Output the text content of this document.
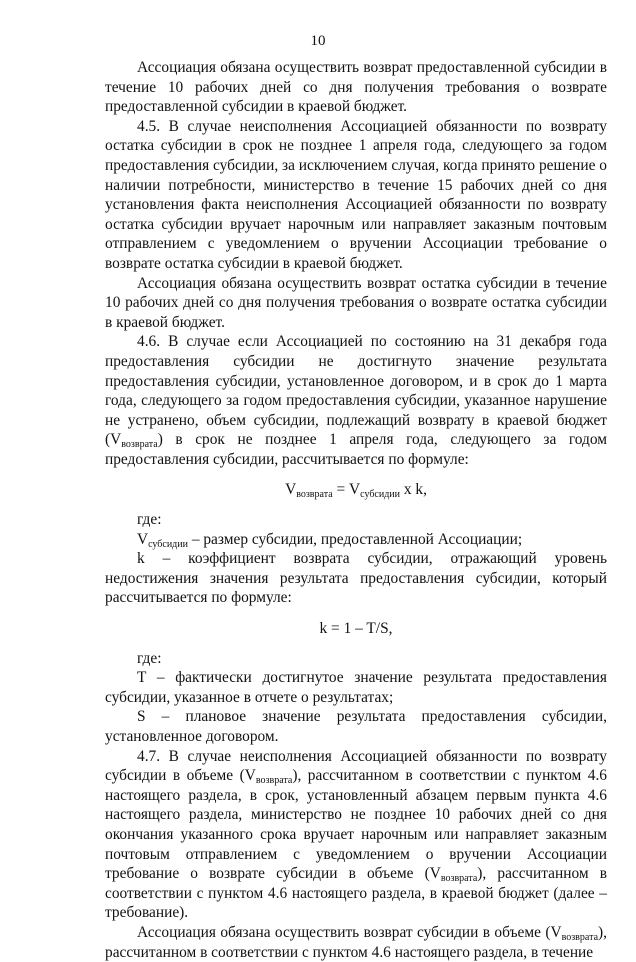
10

Ассоциация обязана осуществить возврат предоставленной субсидии в течение 10 рабочих дней со дня получения требования о возврате предоставленной субсидии в краевой бюджет.

4.5. В случае неисполнения Ассоциацией обязанности по возврату остатка субсидии в срок не позднее 1 апреля года, следующего за годом предоставления субсидии, за исключением случая, когда принято решение о наличии потребности, министерство в течение 15 рабочих дней со дня установления факта неисполнения Ассоциацией обязанности по возврату остатка субсидии вручает нарочным или направляет заказным почтовым отправлением с уведомлением о вручении Ассоциации требование о возврате остатка субсидии в краевой бюджет.

Ассоциация обязана осуществить возврат остатка субсидии в течение 10 рабочих дней со дня получения требования о возврате остатка субсидии в краевой бюджет.

4.6. В случае если Ассоциацией по состоянию на 31 декабря года предоставления субсидии не достигнуто значение результата предоставления субсидии, установленное договором, и в срок до 1 марта года, следующего за годом предоставления субсидии, указанное нарушение не устранено, объем субсидии, подлежащий возврату в краевой бюджет $(V_{возврата})$ в срок не позднее 1 апреля года, следующего за годом предоставления субсидии, рассчитывается по формуле:

$V_{возврата} = V_{субсидии}$ x k,

где:

$V_{субсидии}$ – размер субсидии, предоставленной Ассоциации;

k – коэффициент возврата субсидии, отражающий уровень недостижения значения результата предоставления субсидии, который рассчитывается по формуле:

k = 1 – T/S,

где:

T – фактически достигнутое значение результата предоставления субсидии, указанное в отчете о результатах;

S – плановое значение результата предоставления субсидии, установленное договором.

4.7. В случае неисполнения Ассоциацией обязанности по возврату субсидии в объеме $(V_{возврата})$, рассчитанном в соответствии с пунктом 4.6 настоящего раздела, в срок, установленный абзацем первым пункта 4.6 настоящего раздела, министерство не позднее 10 рабочих дней со дня окончания указанного срока вручает нарочным или направляет заказным почтовым отправлением с уведомлением о вручении Ассоциации требование о возврате субсидии в объеме $(V_{возврата})$, рассчитанном в соответствии с пунктом 4.6 настоящего раздела, в краевой бюджет (далее – требование).

Ассоциация обязана осуществить возврат субсидии в объеме $(V_{возврата})$, рассчитанном в соответствии с пунктом 4.6 настоящего раздела, в течение
